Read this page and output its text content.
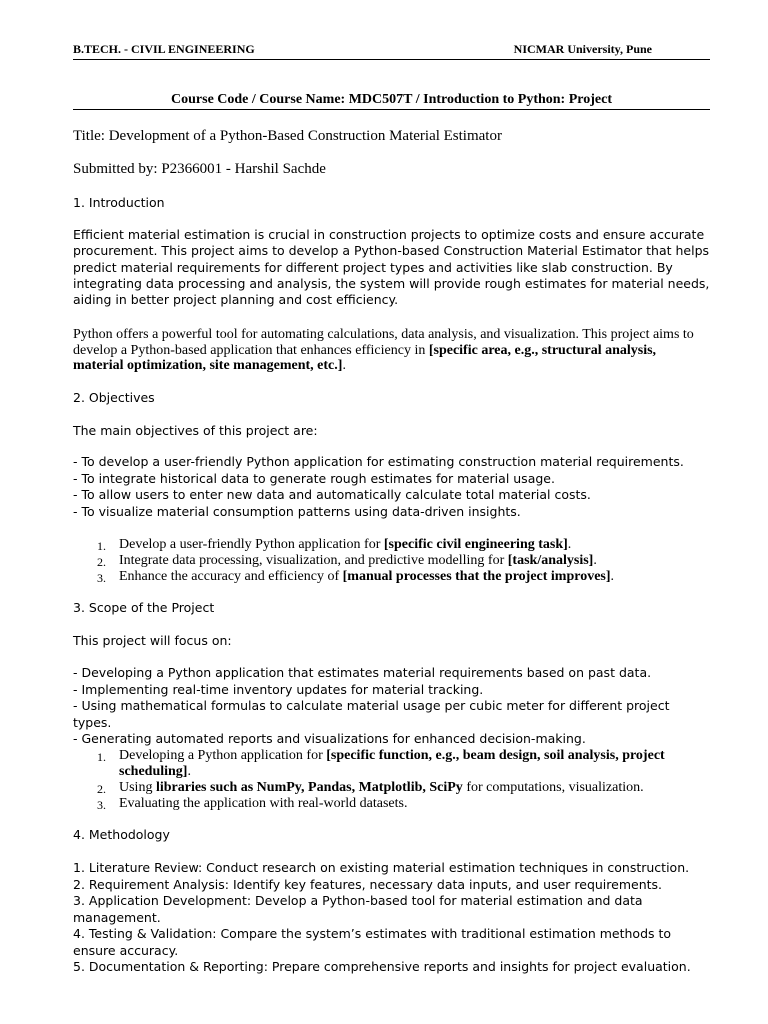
B.TECH. - CIVIL ENGINEERING	NICMAR University, Pune
Course Code / Course Name: MDC507T / Introduction to Python: Project
Title: Development of a Python-Based Construction Material Estimator
Submitted by: P2366001 - Harshil Sachde
1. Introduction
Efficient material estimation is crucial in construction projects to optimize costs and ensure accurate procurement. This project aims to develop a Python-based Construction Material Estimator that helps predict material requirements for different project types and activities like slab construction. By integrating data processing and analysis, the system will provide rough estimates for material needs, aiding in better project planning and cost efficiency.
Python offers a powerful tool for automating calculations, data analysis, and visualization. This project aims to develop a Python-based application that enhances efficiency in [specific area, e.g., structural analysis, material optimization, site management, etc.].
2. Objectives
The main objectives of this project are:
- To develop a user-friendly Python application for estimating construction material requirements.
- To integrate historical data to generate rough estimates for material usage.
- To allow users to enter new data and automatically calculate total material costs.
- To visualize material consumption patterns using data-driven insights.
1. Develop a user-friendly Python application for [specific civil engineering task].
2. Integrate data processing, visualization, and predictive modelling for [task/analysis].
3. Enhance the accuracy and efficiency of [manual processes that the project improves].
3. Scope of the Project
This project will focus on:
- Developing a Python application that estimates material requirements based on past data.
- Implementing real-time inventory updates for material tracking.
- Using mathematical formulas to calculate material usage per cubic meter for different project types.
- Generating automated reports and visualizations for enhanced decision-making.
1. Developing a Python application for [specific function, e.g., beam design, soil analysis, project scheduling].
2. Using libraries such as NumPy, Pandas, Matplotlib, SciPy for computations, visualization.
3. Evaluating the application with real-world datasets.
4. Methodology
1. Literature Review: Conduct research on existing material estimation techniques in construction.
2. Requirement Analysis: Identify key features, necessary data inputs, and user requirements.
3. Application Development: Develop a Python-based tool for material estimation and data management.
4. Testing & Validation: Compare the system’s estimates with traditional estimation methods to ensure accuracy.
5. Documentation & Reporting: Prepare comprehensive reports and insights for project evaluation.
